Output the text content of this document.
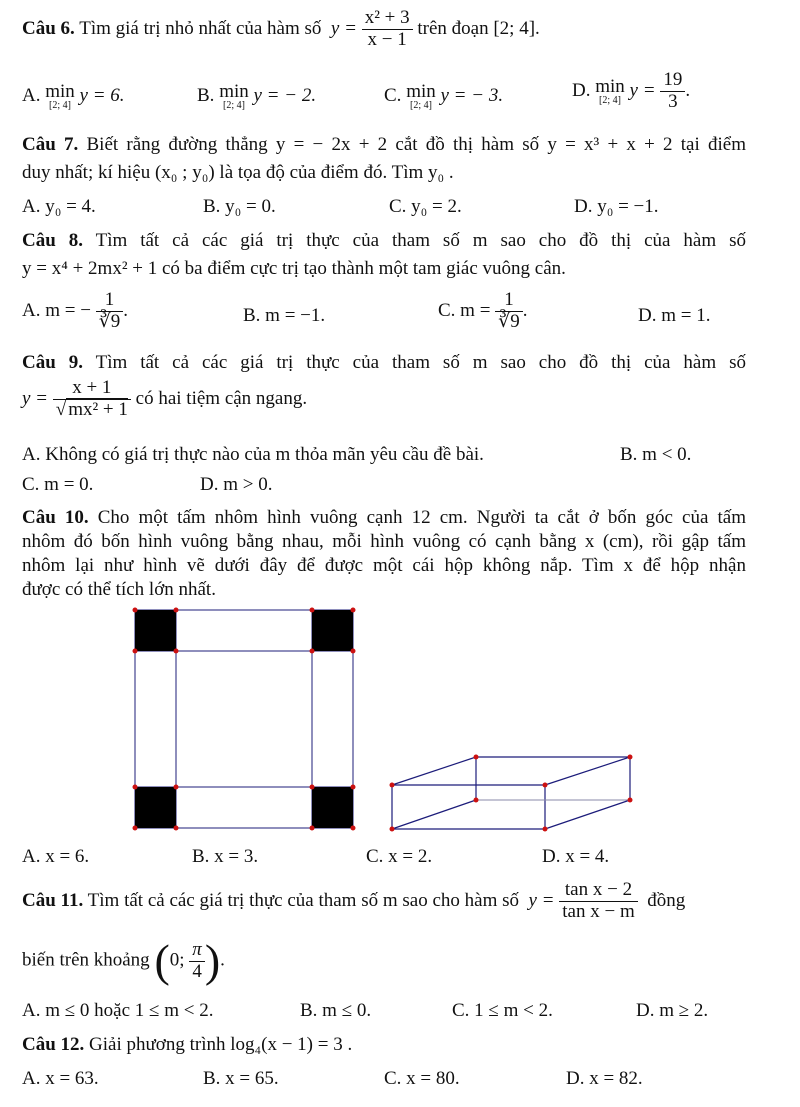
Câu 6. Tìm giá trị nhỏ nhất của hàm số $y = \frac{\text{x² + 3}}{x - 1}$ trên đoạn [2; 4].
A. min
[2; 4] y = 6.	B. min
[2; 4] y = − 2.	C. min
[2; 4] y = − 3.	D. min
[2; 4] $y = \frac{19}{3}$ .
Câu 7. Biết rằng đường thẳng y = − 2x + 2 cắt đồ thị hàm số y = x³ + x + 2 tại điểm
duy nhất; kí hiệu (x₀ ; y₀) là tọa độ của điểm đó. Tìm y₀ .
A. y₀ = 4.	B. y₀ = 0.	C. y₀ = 2.	D. y₀ = −1.
Câu 8. Tìm tất cả các giá trị thực của tham số m sao cho đồ thị của hàm số
y = x⁴ + 2mx² + 1 có ba điểm cực trị tạo thành một tam giác vuông cân.
A. m = − $\frac{1}{∛9}$ .	B. m = −1.	C. $m = \frac{1}{∛9}$ .	D. m = 1.
Câu 9. Tìm tất cả các giá trị thực của tham số m sao cho đồ thị của hàm số
$y = \frac{x + 1}{\text{√ mx² + 1}}$ có hai tiệm cận ngang.
A. Không có giá trị thực nào của m thỏa mãn yêu cầu đề bài.	B. m < 0.
C. m = 0.	D. m > 0.
Câu 10. Cho một tấm nhôm hình vuông cạnh 12 cm. Người ta cắt ở bốn góc của tấm
nhôm đó bốn hình vuông bằng nhau, mỗi hình vuông có cạnh bằng x (cm), rồi gập tấm
nhôm lại như hình vẽ dưới đây để được một cái hộp không nắp. Tìm x để hộp nhận
được có thể tích lớn nhất.
A. x = 6.	B. x = 3.	C. x = 2.	D. x = 4.
Câu 11. Tìm tất cả các giá trị thực của tham số m sao cho hàm số $y = \frac{\text{tan x − 2}}{\text{tan x − m}}$ đồng
biến trên khoảng (0; $\frac{\pi}{4}$ ).
A. m ≤ 0 hoặc 1 ≤ m < 2.	B. m ≤ 0.	C. 1 ≤ m < 2.	D. m ≥ 2.
Câu 12. Giải phương trình log₄(x − 1) = 3 .
A. x = 63.	B. x = 65.	C. x = 80.	D. x = 82.
